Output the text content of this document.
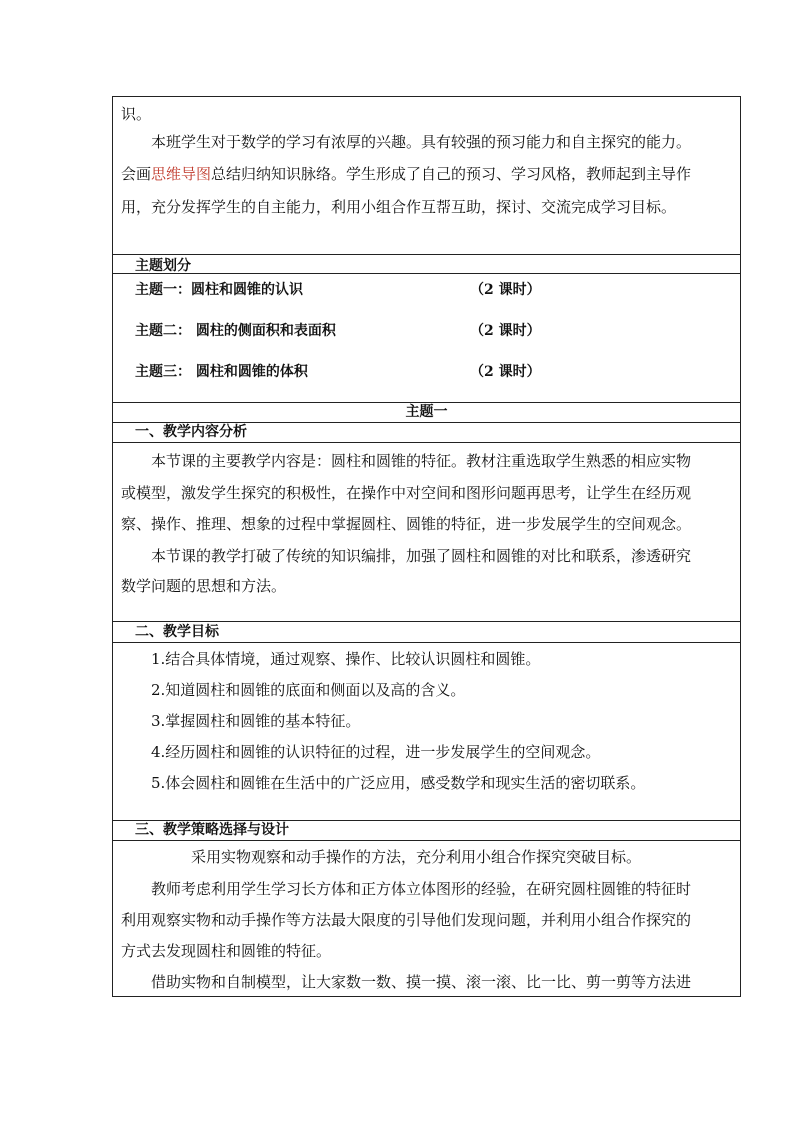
识。
本班学生对于数学的学习有浓厚的兴趣。具有较强的预习能力和自主探究的能力。
会画思维导图总结归纳知识脉络。学生形成了自己的预习、学习风格，教师起到主导作
用，充分发挥学生的自主能力，利用小组合作互帮互助，探讨、交流完成学习目标。
主题划分
主题一：圆柱和圆锥的认识	（2 课时）
主题二： 圆柱的侧面积和表面积	（2 课时）
主题三： 圆柱和圆锥的体积	（2 课时）
主题一
一、教学内容分析
本节课的主要教学内容是：圆柱和圆锥的特征。教材注重选取学生熟悉的相应实物
或模型，激发学生探究的积极性，在操作中对空间和图形问题再思考，让学生在经历观
察、操作、推理、想象的过程中掌握圆柱、圆锥的特征，进一步发展学生的空间观念。
本节课的教学打破了传统的知识编排，加强了圆柱和圆锥的对比和联系，渗透研究
数学问题的思想和方法。
二、教学目标
1.结合具体情境，通过观察、操作、比较认识圆柱和圆锥。
2.知道圆柱和圆锥的底面和侧面以及高的含义。
3.掌握圆柱和圆锥的基本特征。
4.经历圆柱和圆锥的认识特征的过程，进一步发展学生的空间观念。
5.体会圆柱和圆锥在生活中的广泛应用，感受数学和现实生活的密切联系。
三、教学策略选择与设计
采用实物观察和动手操作的方法，充分利用小组合作探究突破目标。
教师考虑利用学生学习长方体和正方体立体图形的经验，在研究圆柱圆锥的特征时
利用观察实物和动手操作等方法最大限度的引导他们发现问题，并利用小组合作探究的
方式去发现圆柱和圆锥的特征。
借助实物和自制模型，让大家数一数、摸一摸、滚一滚、比一比、剪一剪等方法进
